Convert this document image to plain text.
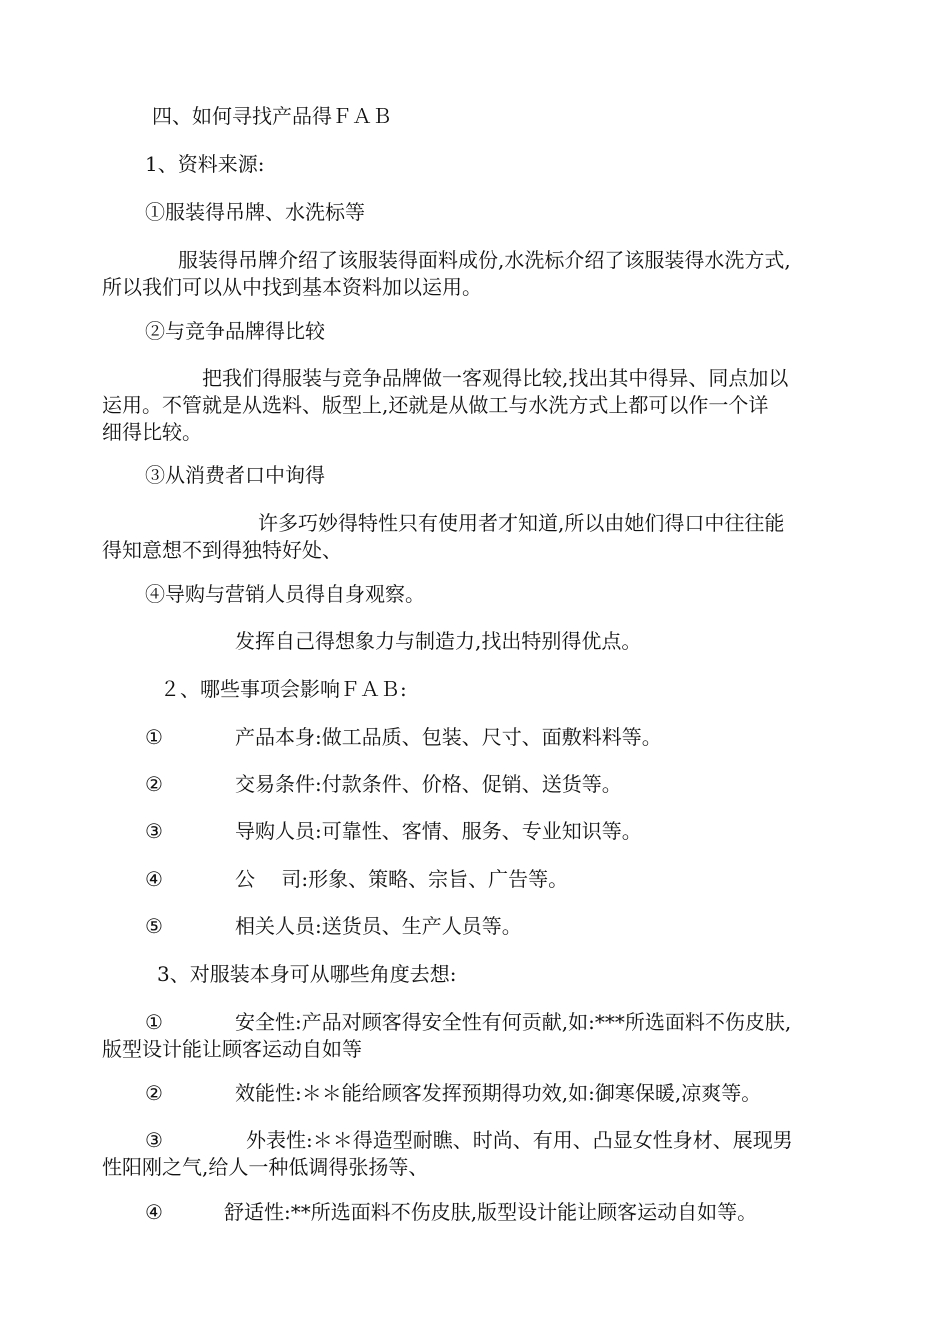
四、如何寻找产品得ＦＡＢ
1、资料来源:
①服装得吊牌、水洗标等
服装得吊牌介绍了该服装得面料成份,水洗标介绍了该服装得水洗方式,
所以我们可以从中找到基本资料加以运用。
②与竞争品牌得比较
把我们得服装与竞争品牌做一客观得比较,找出其中得异、同点加以
运用。不管就是从选料、版型上,还就是从做工与水洗方式上都可以作一个详
细得比较。
③从消费者口中询得
许多巧妙得特性只有使用者才知道,所以由她们得口中往往能
得知意想不到得独特好处、
④导购与营销人员得自身观察。
发挥自己得想象力与制造力,找出特别得优点。
２、哪些事项会影响ＦＡＢ:
①	产品本身:做工品质、包装、尺寸、面敷料料等。
②	交易条件:付款条件、价格、促销、送货等。
③	导购人员:可靠性、客情、服务、专业知识等。
④	公　 司:形象、策略、宗旨、广告等。
⑤	相关人员:送货员、生产人员等。
3、对服装本身可从哪些角度去想:
①	安全性:产品对顾客得安全性有何贡献,如:***所选面料不伤皮肤,
版型设计能让顾客运动自如等
②	效能性:＊＊能给顾客发挥预期得功效,如:御寒保暖,凉爽等。
③	外表性:＊＊得造型耐瞧、时尚、有用、凸显女性身材、展现男
性阳刚之气,给人一种低调得张扬等、
④	舒适性:**所选面料不伤皮肤,版型设计能让顾客运动自如等。
